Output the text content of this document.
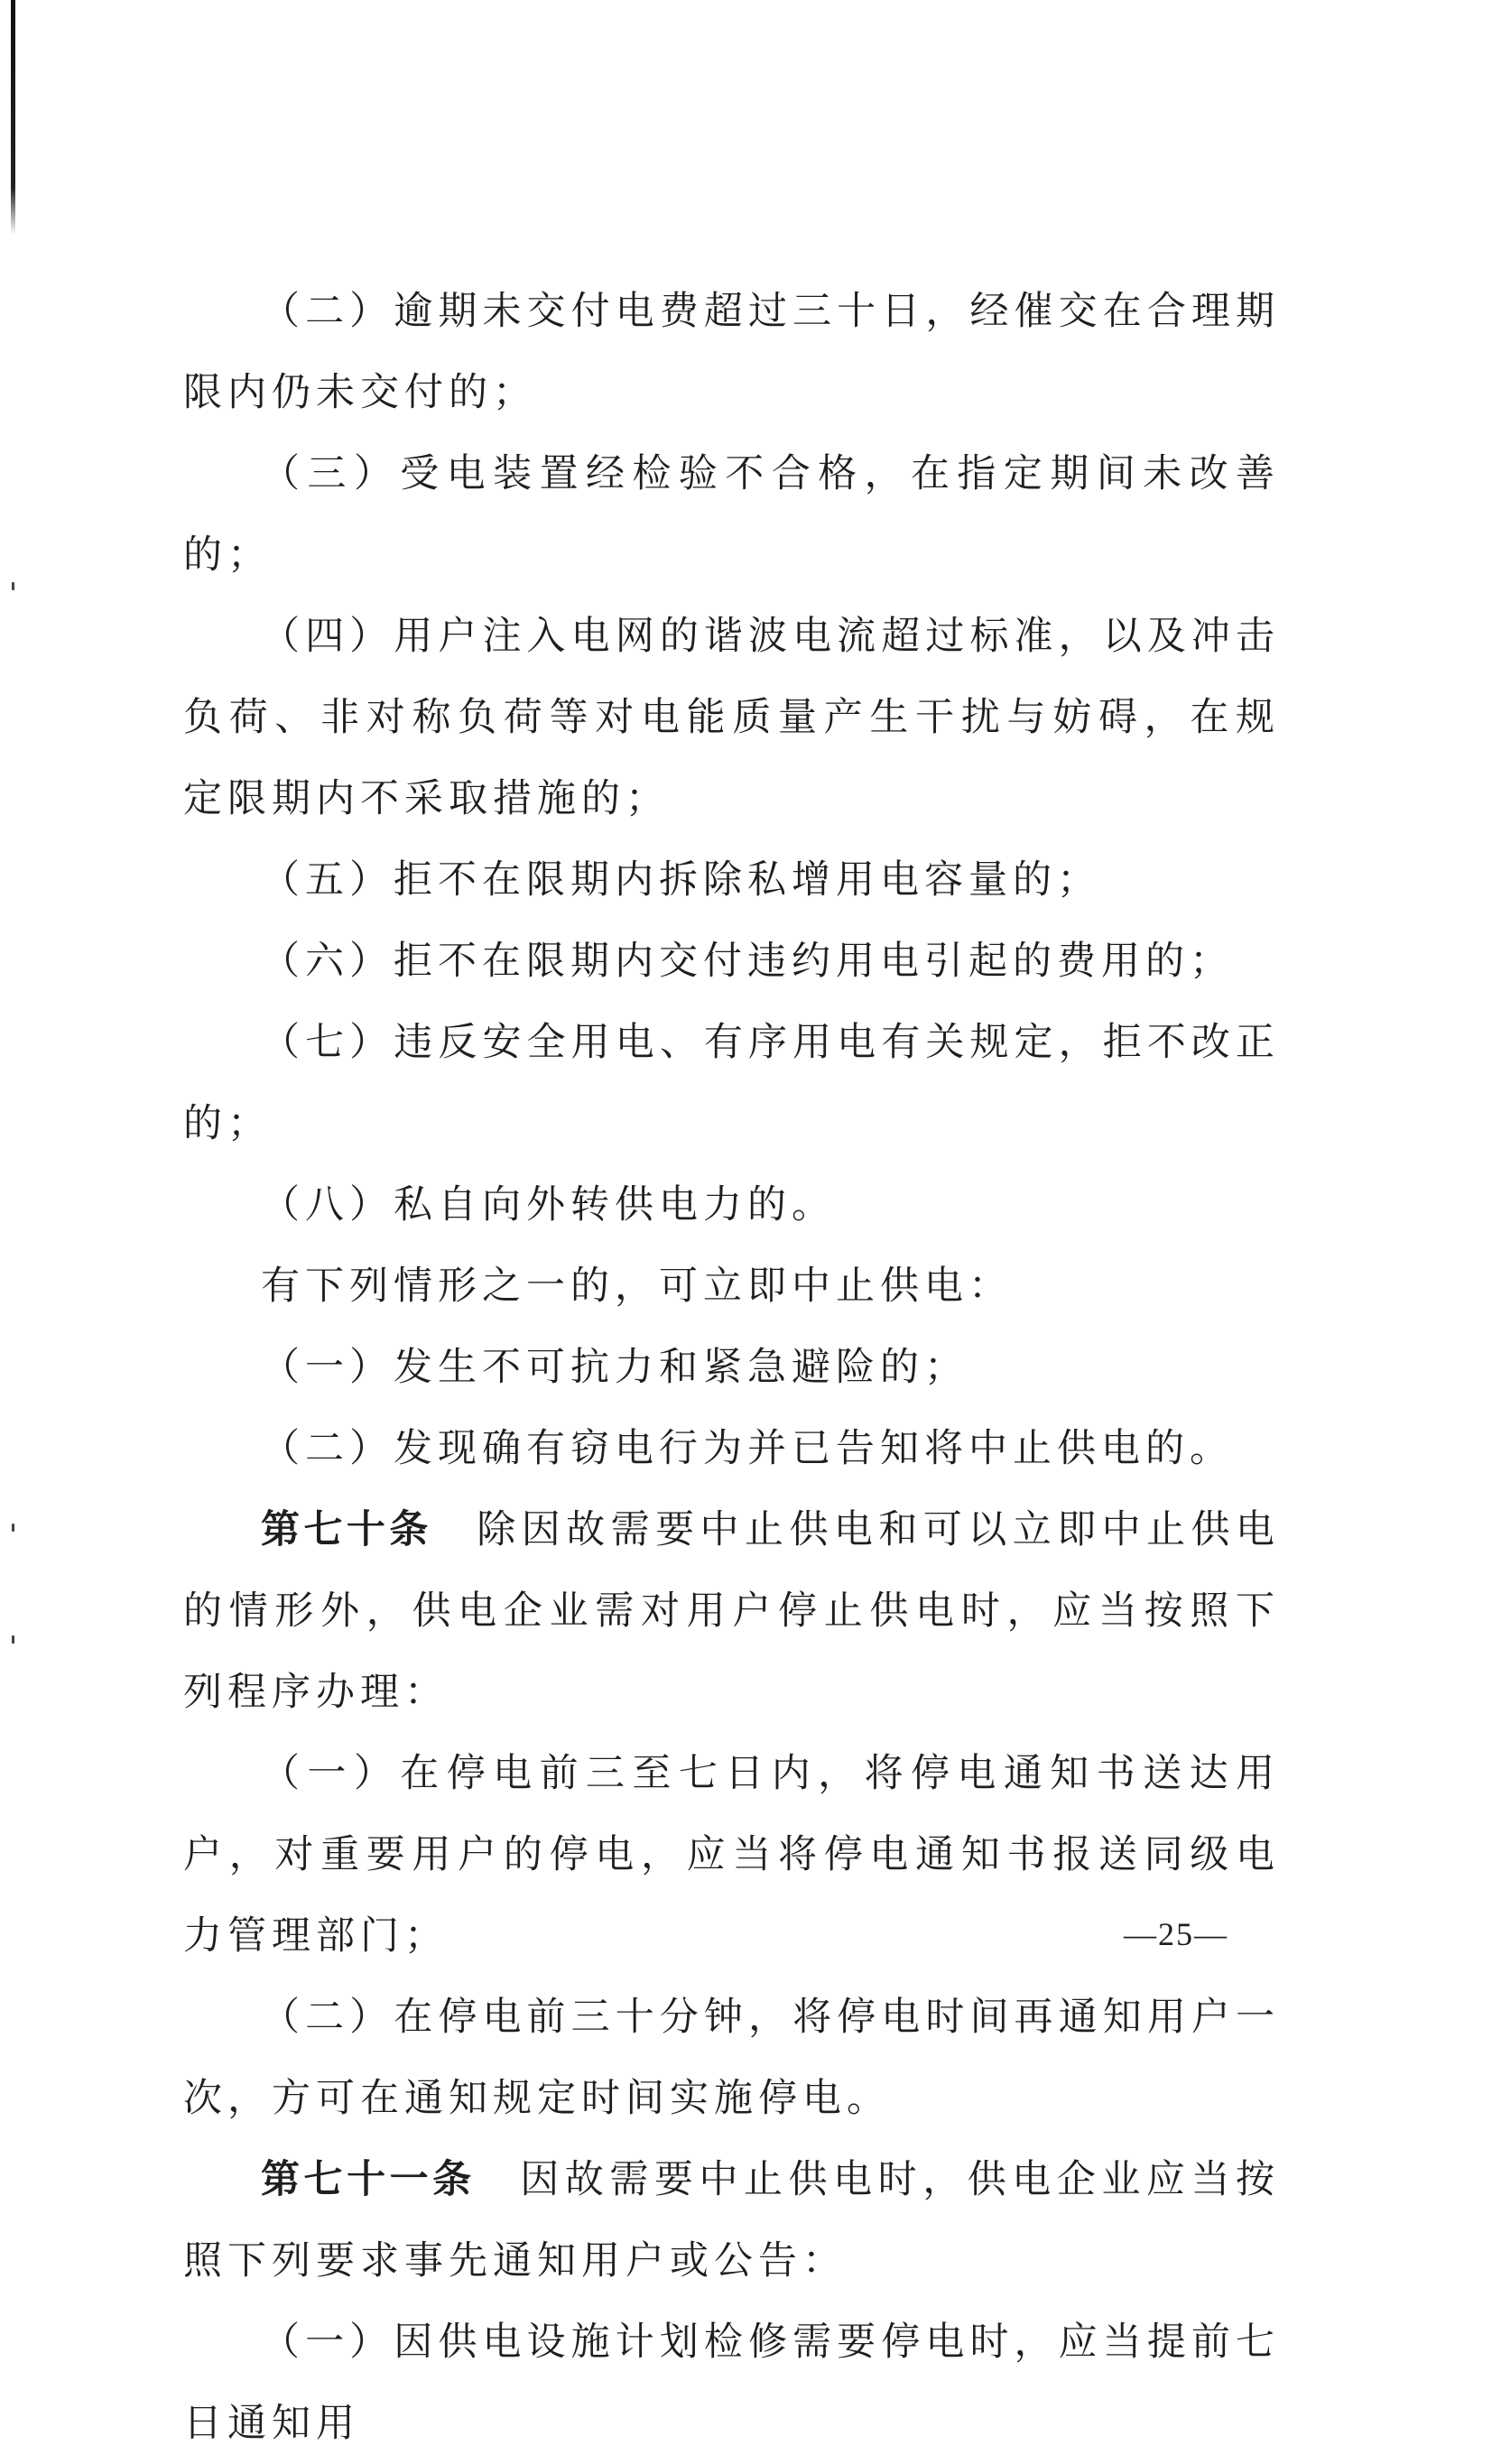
（二）逾期未交付电费超过三十日，经催交在合理期限内仍未交付的；

（三）受电装置经检验不合格，在指定期间未改善的；

（四）用户注入电网的谐波电流超过标准，以及冲击负荷、非对称负荷等对电能质量产生干扰与妨碍，在规定限期内不采取措施的；

（五）拒不在限期内拆除私增用电容量的；

（六）拒不在限期内交付违约用电引起的费用的；

（七）违反安全用电、有序用电有关规定，拒不改正的；

（八）私自向外转供电力的。

有下列情形之一的，可立即中止供电：

（一）发生不可抗力和紧急避险的；

（二）发现确有窃电行为并已告知将中止供电的。

第七十条  除因故需要中止供电和可以立即中止供电的情形外，供电企业需对用户停止供电时，应当按照下列程序办理：

（一）在停电前三至七日内，将停电通知书送达用户，对重要用户的停电，应当将停电通知书报送同级电力管理部门；

（二）在停电前三十分钟，将停电时间再通知用户一次，方可在通知规定时间实施停电。

第七十一条  因故需要中止供电时，供电企业应当按照下列要求事先通知用户或公告：

（一）因供电设施计划检修需要停电时，应当提前七日通知用

—25—
